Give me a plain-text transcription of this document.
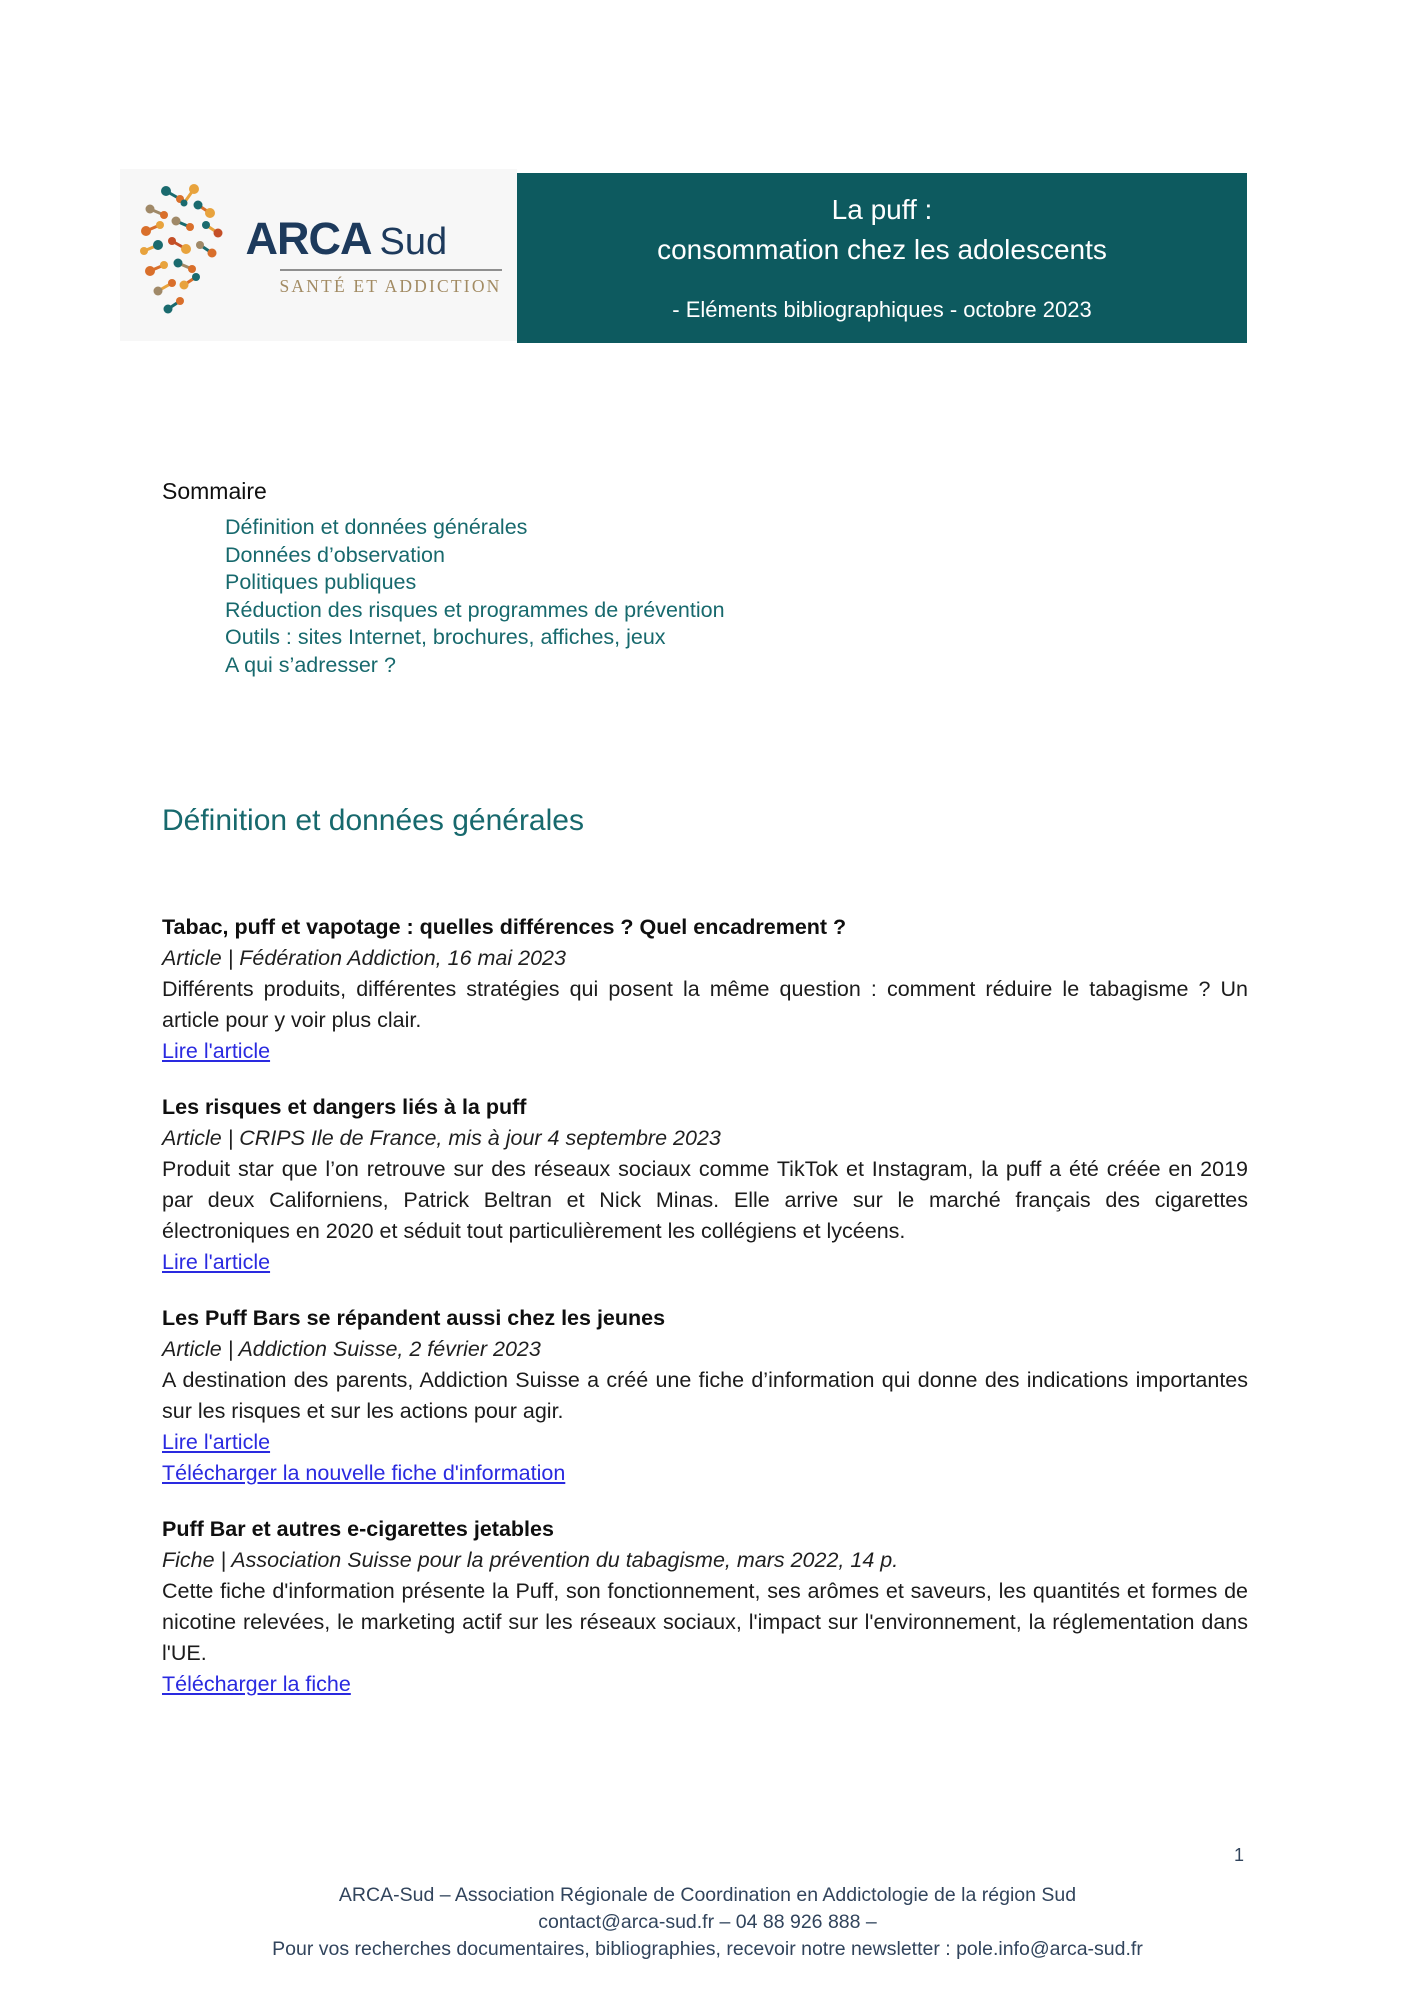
ARCA Sud
SANTÉ ET ADDICTION
La puff :
consommation chez les adolescents
- Eléments bibliographiques - octobre 2023
Sommaire
Définition et données générales
Données d’observation
Politiques publiques
Réduction des risques et programmes de prévention
Outils : sites Internet, brochures, affiches, jeux
A qui s’adresser ?
Définition et données générales
Tabac, puff et vapotage : quelles différences ? Quel encadrement ?
Article | Fédération Addiction, 16 mai 2023
Différents produits, différentes stratégies qui posent la même question : comment réduire le tabagisme ? Un article pour y voir plus clair.
Lire l'article
Les risques et dangers liés à la puff
Article | CRIPS Ile de France, mis à jour 4 septembre 2023
Produit star que l’on retrouve sur des réseaux sociaux comme TikTok et Instagram, la puff a été créée en 2019 par deux Californiens, Patrick Beltran et Nick Minas. Elle arrive sur le marché français des cigarettes électroniques en 2020 et séduit tout particulièrement les collégiens et lycéens.
Lire l'article
Les Puff Bars se répandent aussi chez les jeunes
Article | Addiction Suisse, 2 février 2023
A destination des parents, Addiction Suisse a créé une fiche d’information qui donne des indications importantes sur les risques et sur les actions pour agir.
Lire l'article
Télécharger la nouvelle fiche d'information
Puff Bar et autres e-cigarettes jetables
Fiche | Association Suisse pour la prévention du tabagisme, mars 2022, 14 p.
Cette fiche d'information présente la Puff, son fonctionnement, ses arômes et saveurs, les quantités et formes de nicotine relevées, le marketing actif sur les réseaux sociaux, l'impact sur l'environnement, la réglementation dans l'UE.
Télécharger la fiche
1
ARCA-Sud – Association Régionale de Coordination en Addictologie de la région Sud
contact@arca-sud.fr – 04 88 926 888 –
Pour vos recherches documentaires, bibliographies, recevoir notre newsletter : pole.info@arca-sud.fr
